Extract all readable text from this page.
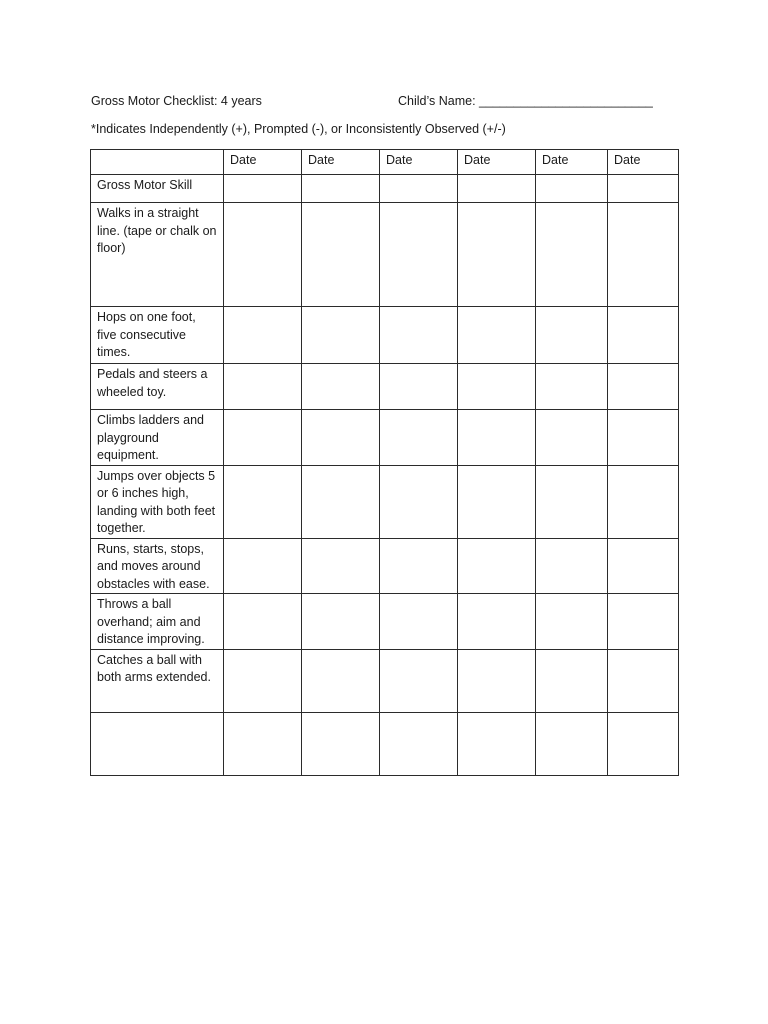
Gross Motor Checklist: 4 years	Child’s Name: _________________________
*Indicates Independently (+), Prompted (-), or Inconsistently Observed (+/-)
	Date	Date	Date	Date	Date	Date
Gross Motor Skill						
Walks in a straight line. (tape or chalk on floor)						
Hops on one foot, five consecutive times.						
Pedals and steers a wheeled toy.						
Climbs ladders and playground equipment.						
Jumps over objects 5 or 6 inches high, landing with both feet together.						
Runs, starts, stops, and moves around obstacles with ease.						
Throws a ball overhand; aim and distance improving.						
Catches a ball with both arms extended.						
